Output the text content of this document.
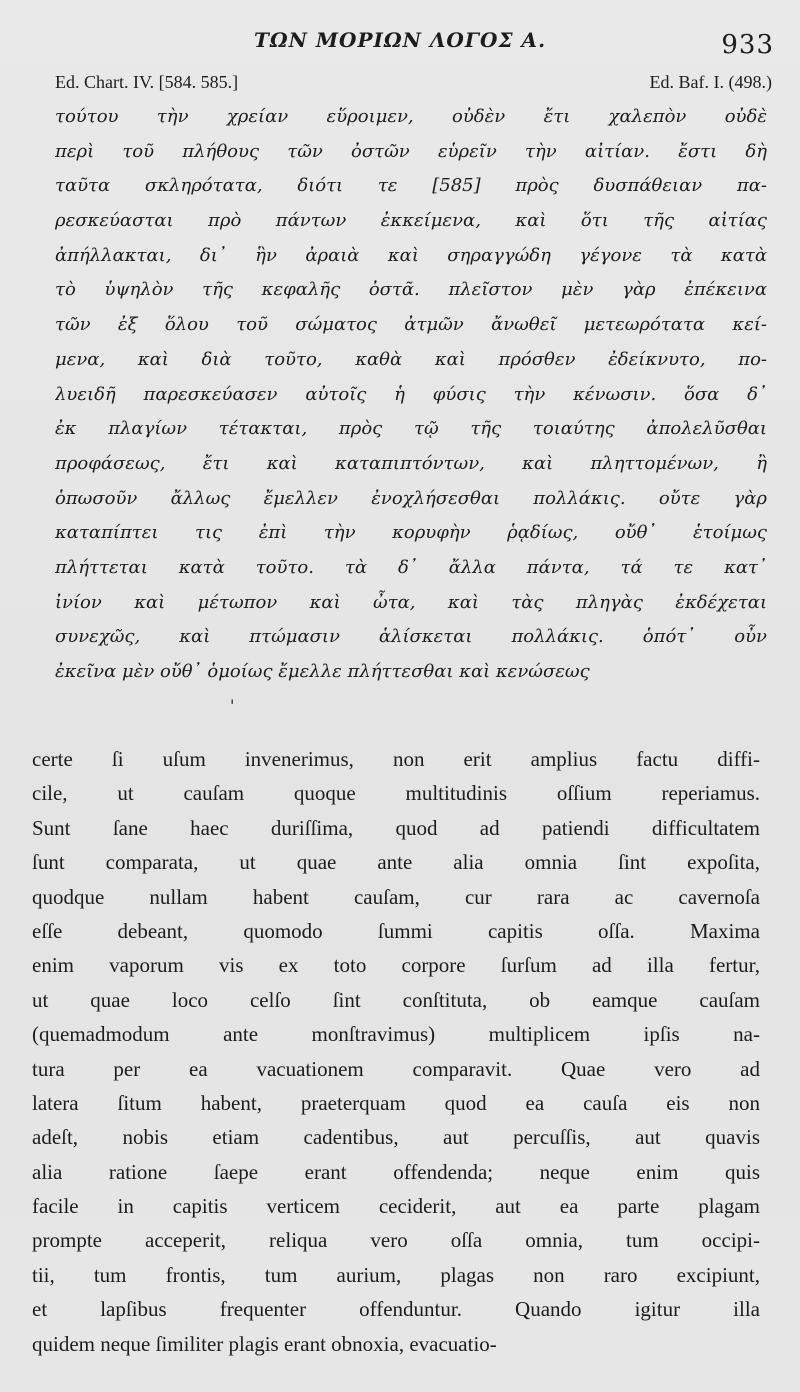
ΤΩΝ ΜΟΡΙΩΝ ΛΟΓΟΣ Α.	933
Ed. Chart. IV. [584. 585.]	Ed. Baf. I. (498.)
τούτου τὴν χρείαν εὕροιμεν, οὐδὲν ἔτι χαλεπὸν οὐδὲ
περὶ τοῦ πλήθους τῶν ὀστῶν εὑρεῖν τὴν αἰτίαν. ἔστι δὴ
ταῦτα σκληρότατα, διότι τε [585] πρὸς δυσπάθειαν πα-
ρεσκεύασται πρὸ πάντων ἐκκείμενα, καὶ ὅτι τῆς αἰτίας
ἀπήλλακται, δι᾽ ἣν ἀραιὰ καὶ σηραγγώδη γέγονε τὰ κατὰ
τὸ ὑψηλὸν τῆς κεφαλῆς ὀστᾶ. πλεῖστον μὲν γὰρ ἐπέκεινα
τῶν ἐξ ὅλου τοῦ σώματος ἀτμῶν ἄνωθεῖ μετεωρότατα κεί-
μενα, καὶ διὰ τοῦτο, καθὰ καὶ πρόσθεν ἐδείκνυτο, πο-
λυειδῆ παρεσκεύασεν αὐτοῖς ἡ φύσις τὴν κένωσιν. ὅσα δ᾽
ἐκ πλαγίων τέτακται, πρὸς τῷ τῆς τοιαύτης ἀπολελῦσθαι
προφάσεως, ἔτι καὶ καταπιπτόντων, καὶ πληττομένων, ἢ
ὁπωσοῦν ἄλλως ἔμελλεν ἐνοχλήσεσθαι πολλάκις. οὔτε γὰρ
καταπίπτει τις ἐπὶ τὴν κορυφὴν ῥᾳδίως, οὔθ᾽ ἑτοίμως
πλήττεται κατὰ τοῦτο. τὰ δ᾽ ἄλλα πάντα, τά τε κατ᾽
ἰνίον καὶ μέτωπον καὶ ὦτα, καὶ τὰς πληγὰς ἐκδέχεται
συνεχῶς, καὶ πτώμασιν ἁλίσκεται πολλάκις. ὁπότ᾽ οὖν
ἐκεῖνα μὲν οὔθ᾽ ὁμοίως ἔμελλε πλήττεσθαι καὶ κενώσεως
'
certe ſi uſum invenerimus, non erit amplius factu diffi-
cile, ut cauſam quoque multitudinis oſſium reperiamus.
Sunt ſane haec duriſſima, quod ad patiendi difficultatem
ſunt comparata, ut quae ante alia omnia ſint expoſita,
quodque nullam habent cauſam, cur rara ac cavernoſa
eſſe debeant, quomodo ſummi capitis oſſa. Maxima
enim vaporum vis ex toto corpore ſurſum ad illa fertur,
ut quae loco celſo ſint conſtituta, ob eamque cauſam
(quemadmodum ante monſtravimus) multiplicem ipſis na-
tura per ea vacuationem comparavit. Quae vero ad
latera ſitum habent, praeterquam quod ea cauſa eis non
adeſt, nobis etiam cadentibus, aut percuſſis, aut quavis
alia ratione ſaepe erant offendenda; neque enim quis
facile in capitis verticem ceciderit, aut ea parte plagam
prompte acceperit, reliqua vero oſſa omnia, tum occipi-
tii, tum frontis, tum aurium, plagas non raro excipiunt,
et lapſibus frequenter offenduntur. Quando igitur illa
quidem neque ſimiliter plagis erant obnoxia, evacuatio-
